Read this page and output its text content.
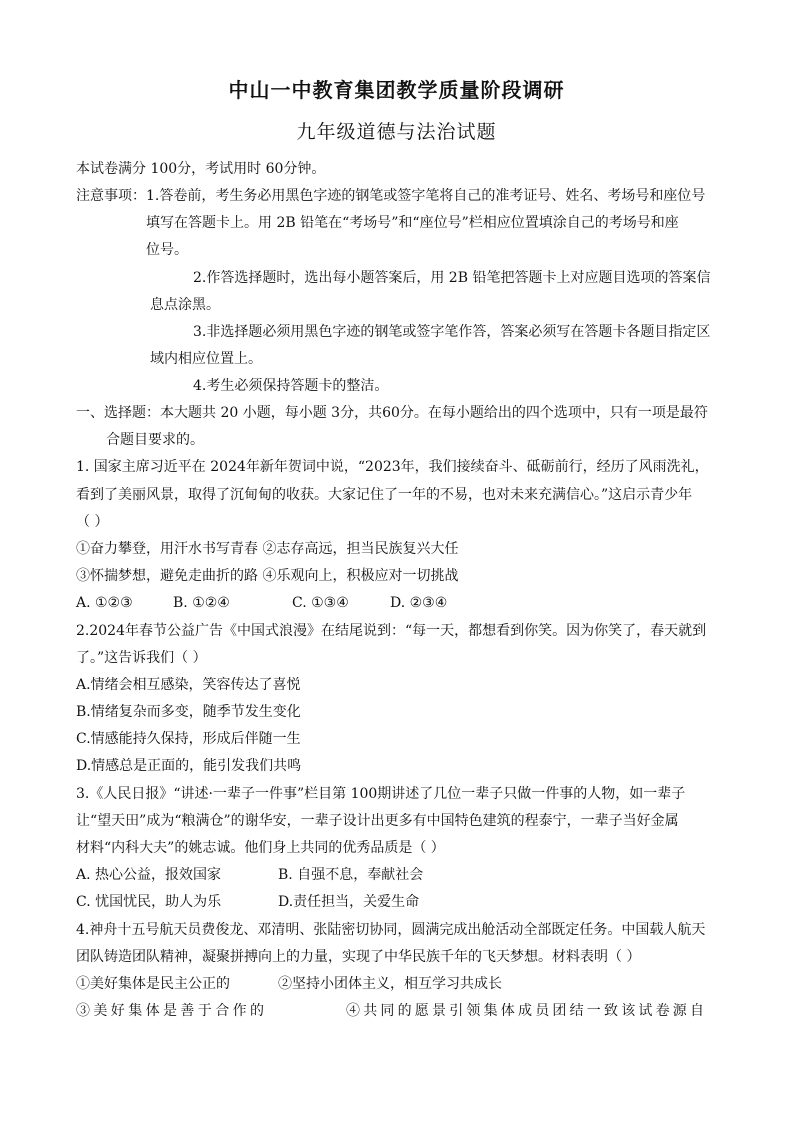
中山一中教育集团教学质量阶段调研
九年级道德与法治试题
本试卷满分 100分，考试用时 60分钟。
注意事项：1.答卷前，考生务必用黑色字迹的钢笔或签字笔将自己的准考证号、姓名、考场号和座位号
填写在答题卡上。用 2B 铅笔在“考场号”和“座位号”栏相应位置填涂自己的考场号和座
位号。
2.作答选择题时，选出每小题答案后，用 2B 铅笔把答题卡上对应题目选项的答案信
息点涂黑。
3.非选择题必须用黑色字迹的钢笔或签字笔作答，答案必须写在答题卡各题目指定区
域内相应位置上。
4.考生必须保持答题卡的整洁。
一、选择题：本大题共 20 小题，每小题 3分，共60分。在每小题给出的四个选项中，只有一项是最符
合题目要求的。
1. 国家主席习近平在 2024年新年贺词中说，“2023年，我们接续奋斗、砥砺前行，经历了风雨洗礼，
看到了美丽风景，取得了沉甸甸的收获。大家记住了一年的不易，也对未来充满信心。”这启示青少年
（ ）
①奋力攀登，用汗水书写青春 ②志存高远，担当民族复兴大任
③怀揣梦想，避免走曲折的路 ④乐观向上，积极应对一切挑战
A. ①②③	B. ①②④	C. ①③④	D. ②③④
2.2024年春节公益广告《中国式浪漫》在结尾说到：“每一天，都想看到你笑。因为你笑了，春天就到
了。”这告诉我们（ ）
A.情绪会相互感染，笑容传达了喜悦
B.情绪复杂而多变，随季节发生变化
C.情感能持久保持，形成后伴随一生
D.情感总是正面的，能引发我们共鸣
3.《人民日报》“讲述·一辈子一件事”栏目第 100期讲述了几位一辈子只做一件事的人物，如一辈子
让“望天田”成为“粮满仓”的谢华安，一辈子设计出更多有中国特色建筑的程泰宁，一辈子当好金属
材料“内科大夫”的姚志诚。他们身上共同的优秀品质是（ ）
A. 热心公益，报效国家	B. 自强不息，奉献社会
C. 忧国忧民，助人为乐	D.责任担当，关爱生命
4.神舟十五号航天员费俊龙、邓清明、张陆密切协同，圆满完成出舱活动全部既定任务。中国载人航天
团队铸造团队精神，凝聚拼搏向上的力量，实现了中华民族千年的飞天梦想。材料表明（ ）
①美好集体是民主公正的	②坚持小团体主义，相互学习共成长
③美好集体是善于合作的	④共同的愿景引领集体成员团结一致该试卷源自
